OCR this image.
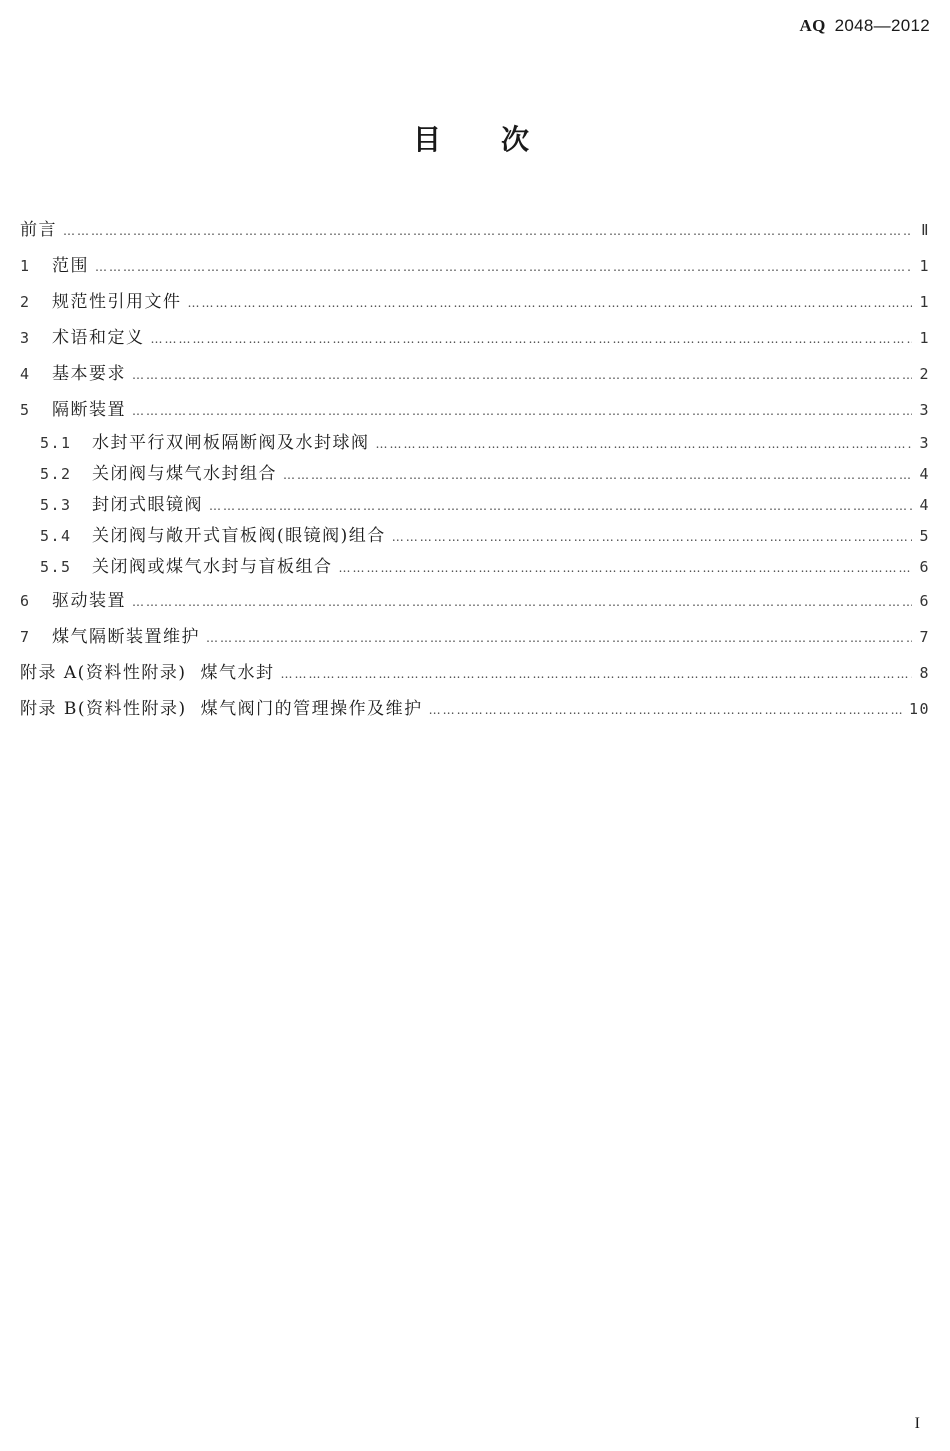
AQ 2048—2012
目次
前言 …………………………………………………………………………………………………………………………………………………………………………………………………………………………	Ⅱ
1	范围 …………………………………………………………………………………………………………………………………………………………………………………………………………………………	1
2	规范性引用文件 …………………………………………………………………………………………………………………………………………………………………………………………………………………………	1
3	术语和定义 …………………………………………………………………………………………………………………………………………………………………………………………………………………………	1
4	基本要求 …………………………………………………………………………………………………………………………………………………………………………………………………………………………	2
5	隔断装置 …………………………………………………………………………………………………………………………………………………………………………………………………………………………	3
5.1	水封平行双闸板隔断阀及水封球阀 …………………………………………………………………………………………………………………………………………………………………………………………………………………………	3
5.2	关闭阀与煤气水封组合 …………………………………………………………………………………………………………………………………………………………………………………………………………………………	4
5.3	封闭式眼镜阀 …………………………………………………………………………………………………………………………………………………………………………………………………………………………	4
5.4	关闭阀与敞开式盲板阀(眼镜阀)组合 …………………………………………………………………………………………………………………………………………………………………………………………………………………………	5
5.5	关闭阀或煤气水封与盲板组合 …………………………………………………………………………………………………………………………………………………………………………………………………………………………	6
6	驱动装置 …………………………………………………………………………………………………………………………………………………………………………………………………………………………	6
7	煤气隔断装置维护 …………………………………………………………………………………………………………………………………………………………………………………………………………………………	7
附录 A(资料性附录) 煤气水封 …………………………………………………………………………………………………………………………………………………………………………………………………………………………	8
附录 B(资料性附录) 煤气阀门的管理操作及维护 …………………………………………………………………………………………………………………………………………………………………………………………………………………………	10
I
